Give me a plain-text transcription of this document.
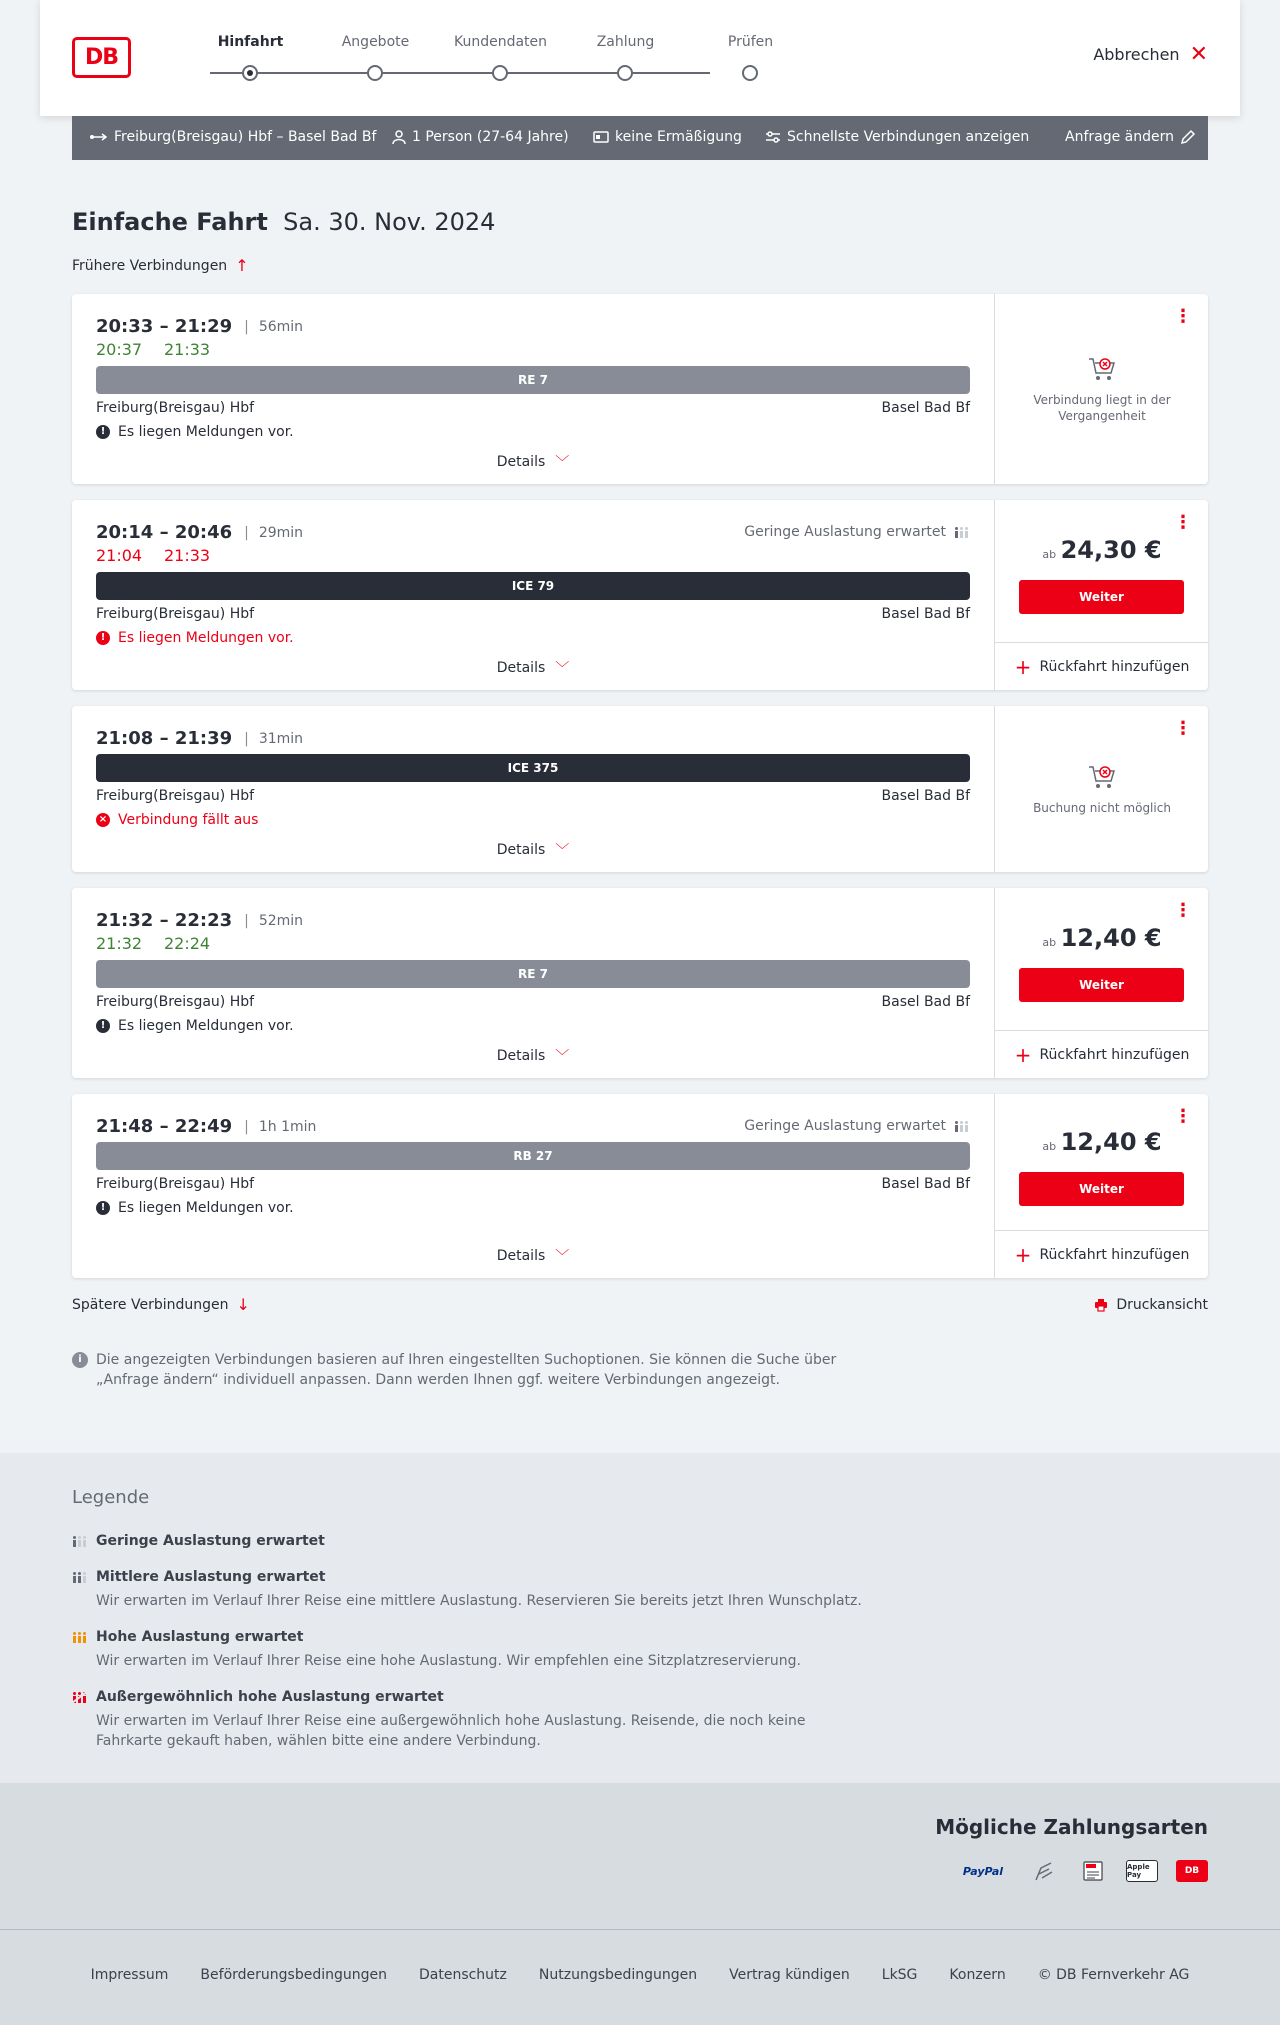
DB
Hinfahrt	Angebote	Kundendaten	Zahlung	Prüfen
Abbrechen ✕
Freiburg(Breisgau) Hbf – Basel Bad Bf	1 Person (27-64 Jahre)	keine Ermäßigung	Schnellste Verbindungen anzeigen	Anfrage ändern
Einfache Fahrt Sa. 30. Nov. 2024
Frühere Verbindungen ↑
20:33 – 21:29 | 56min
20:37 21:33
RE 7
Freiburg(Breisgau) Hbf	Basel Bad Bf
! Es liegen Meldungen vor.
Details ﹀
⋮
Verbindung liegt in der Vergangenheit
20:14 – 20:46 | 29min
21:04 21:33
Geringe Auslastung erwartet
ICE 79
Freiburg(Breisgau) Hbf	Basel Bad Bf
! Es liegen Meldungen vor.
Details ﹀
⋮
ab 24,30 €
Weiter
+ Rückfahrt hinzufügen
21:08 – 21:39 | 31min
ICE 375
Freiburg(Breisgau) Hbf	Basel Bad Bf
× Verbindung fällt aus
Details ﹀
⋮
Buchung nicht möglich
21:32 – 22:23 | 52min
21:32 22:24
RE 7
Freiburg(Breisgau) Hbf	Basel Bad Bf
! Es liegen Meldungen vor.
Details ﹀
⋮
ab 12,40 €
Weiter
+ Rückfahrt hinzufügen
21:48 – 22:49 | 1h 1min	Geringe Auslastung erwartet
RB 27
Freiburg(Breisgau) Hbf	Basel Bad Bf
! Es liegen Meldungen vor.
Details ﹀
⋮
ab 12,40 €
Weiter
+ Rückfahrt hinzufügen
Spätere Verbindungen ↓	Druckansicht
i	Die angezeigten Verbindungen basieren auf Ihren eingestellten Suchoptionen. Sie können die Suche über „Anfrage ändern“ individuell anpassen. Dann werden Ihnen ggf. weitere Verbindungen angezeigt.
Legende
Geringe Auslastung erwartet
Mittlere Auslastung erwartet
Wir erwarten im Verlauf Ihrer Reise eine mittlere Auslastung. Reservieren Sie bereits jetzt Ihren Wunschplatz.
Hohe Auslastung erwartet
Wir erwarten im Verlauf Ihrer Reise eine hohe Auslastung. Wir empfehlen eine Sitzplatzreservierung.
Außergewöhnlich hohe Auslastung erwartet
Wir erwarten im Verlauf Ihrer Reise eine außergewöhnlich hohe Auslastung. Reisende, die noch keine Fahrkarte gekauft haben, wählen bitte eine andere Verbindung.
Mögliche Zahlungsarten
PayPal	Apple Pay	DB
Impressum Beförderungsbedingungen Datenschutz Nutzungsbedingungen Vertrag kündigen LkSG Konzern © DB Fernverkehr AG
